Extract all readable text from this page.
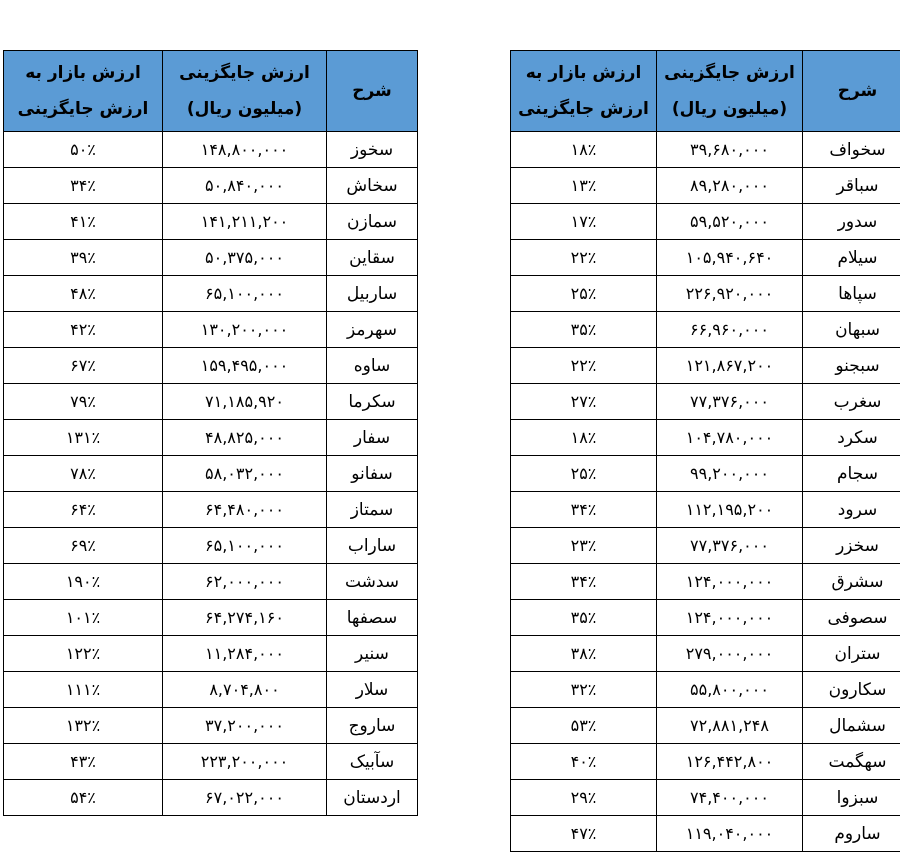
شرح	ارزش جایگزینی (میلیون ریال)	ارزش بازار به ارزش جایگزینی
سخوز	۱۴۸,۸۰۰,۰۰۰	۵۰٪
سخاش	۵۰,۸۴۰,۰۰۰	۳۴٪
سمازن	۱۴۱,۲۱۱,۲۰۰	۴۱٪
سقاین	۵۰,۳۷۵,۰۰۰	۳۹٪
ساربیل	۶۵,۱۰۰,۰۰۰	۴۸٪
سهرمز	۱۳۰,۲۰۰,۰۰۰	۴۲٪
ساوه	۱۵۹,۴۹۵,۰۰۰	۶۷٪
سکرما	۷۱,۱۸۵,۹۲۰	۷۹٪
سفار	۴۸,۸۲۵,۰۰۰	۱۳۱٪
سفانو	۵۸,۰۳۲,۰۰۰	۷۸٪
سمتاز	۶۴,۴۸۰,۰۰۰	۶۴٪
ساراب	۶۵,۱۰۰,۰۰۰	۶۹٪
سدشت	۶۲,۰۰۰,۰۰۰	۱۹۰٪
سصفها	۶۴,۲۷۴,۱۶۰	۱۰۱٪
سنیر	۱۱,۲۸۴,۰۰۰	۱۲۲٪
سلار	۸,۷۰۴,۸۰۰	۱۱۱٪
ساروج	۳۷,۲۰۰,۰۰۰	۱۳۲٪
سآبیک	۲۲۳,۲۰۰,۰۰۰	۴۳٪
اردستان	۶۷,۰۲۲,۰۰۰	۵۴٪
شرح	ارزش جایگزینی (میلیون ریال)	ارزش بازار به ارزش جایگزینی
سخواف	۳۹,۶۸۰,۰۰۰	۱۸٪
سباقر	۸۹,۲۸۰,۰۰۰	۱۳٪
سدور	۵۹,۵۲۰,۰۰۰	۱۷٪
سیلام	۱۰۵,۹۴۰,۶۴۰	۲۲٪
سپاها	۲۲۶,۹۲۰,۰۰۰	۲۵٪
سبهان	۶۶,۹۶۰,۰۰۰	۳۵٪
سبجنو	۱۲۱,۸۶۷,۲۰۰	۲۲٪
سغرب	۷۷,۳۷۶,۰۰۰	۲۷٪
سکرد	۱۰۴,۷۸۰,۰۰۰	۱۸٪
سجام	۹۹,۲۰۰,۰۰۰	۲۵٪
سرود	۱۱۲,۱۹۵,۲۰۰	۳۴٪
سخزر	۷۷,۳۷۶,۰۰۰	۲۳٪
سشرق	۱۲۴,۰۰۰,۰۰۰	۳۴٪
سصوفی	۱۲۴,۰۰۰,۰۰۰	۳۵٪
ستران	۲۷۹,۰۰۰,۰۰۰	۳۸٪
سکارون	۵۵,۸۰۰,۰۰۰	۳۲٪
سشمال	۷۲,۸۸۱,۲۴۸	۵۳٪
سهگمت	۱۲۶,۴۴۲,۸۰۰	۴۰٪
سبزوا	۷۴,۴۰۰,۰۰۰	۲۹٪
ساروم	۱۱۹,۰۴۰,۰۰۰	۴۷٪
